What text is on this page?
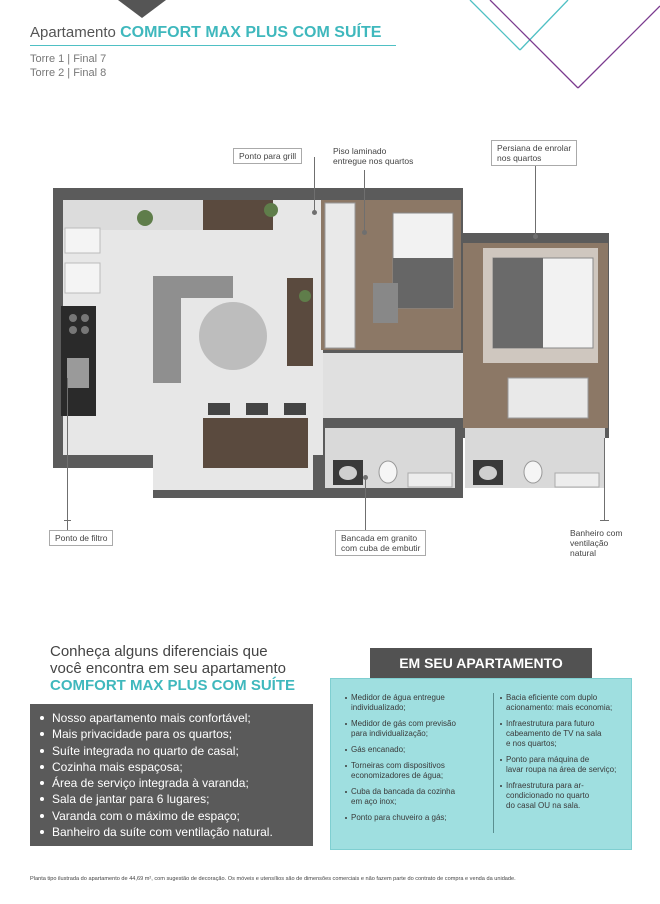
Apartamento COMFORT MAX PLUS COM SUÍTE
Torre 1 | Final 7
Torre 2 | Final 8
Ponto para grill	Piso laminado
entregue nos quartos
Persiana de enrolar
nos quartos
Ponto de filtro	Bancada em granito
com cuba de embutir
Banheiro com
ventilação
natural
Conheça alguns diferenciais que
você encontra em seu apartamento
COMFORT MAX PLUS COM SUÍTE
Nosso apartamento mais confortável;
Mais privacidade para os quartos;
Suíte integrada no quarto de casal;
Cozinha mais espaçosa;
Área de serviço integrada à varanda;
Sala de jantar para 6 lugares;
Varanda com o máximo de espaço;
Banheiro da suíte com ventilação natural.
Medidor de água entregue
individualizado;
Medidor de gás com previsão
para individualização;
Gás encanado;
Torneiras com dispositivos
economizadores de água;
Cuba da bancada da cozinha
em aço inox;
Ponto para chuveiro a gás;
Bacia eficiente com duplo
acionamento: mais economia;
Infraestrutura para futuro
cabeamento de TV na sala
e nos quartos;
Ponto para máquina de
lavar roupa na área de serviço;
Infraestrutura para ar-
condicionado no quarto
do casal OU na sala.
EM SEU APARTAMENTO
Planta tipo ilustrada do apartamento de 44,69 m², com sugestão de decoração. Os móveis e utensílios são de dimensões comerciais e não fazem parte do contrato de compra e venda da unidade.
